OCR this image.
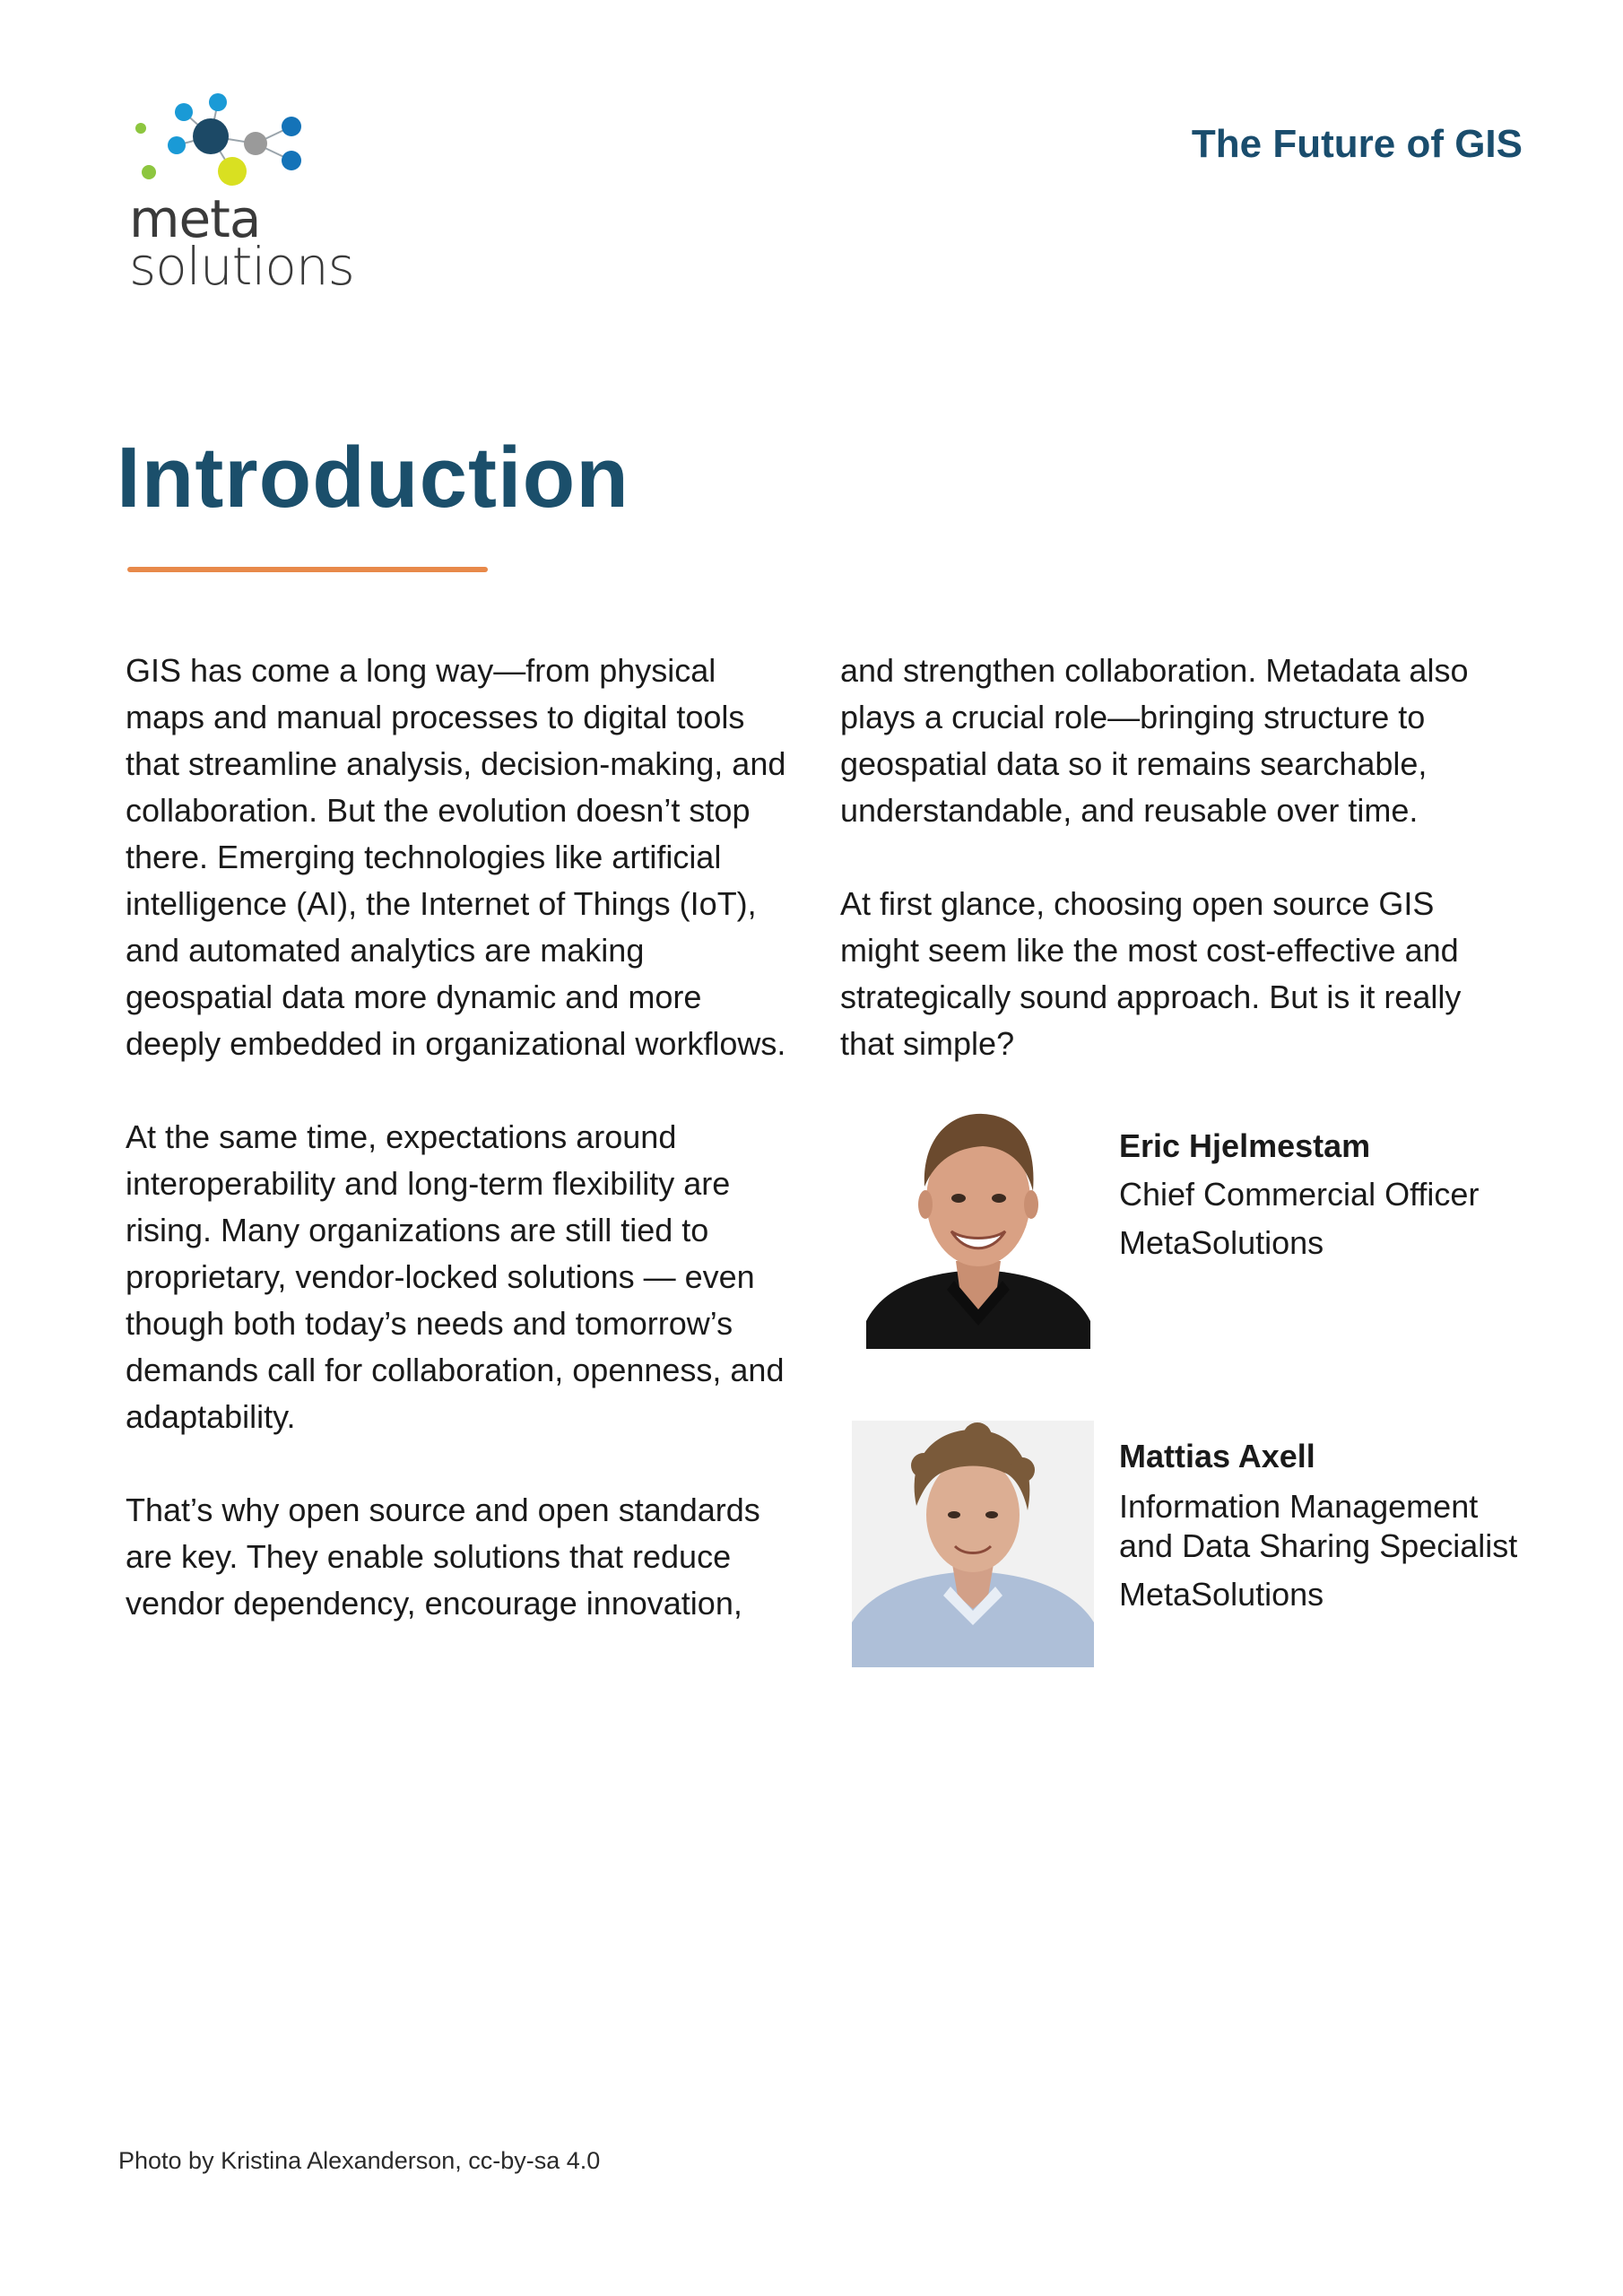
meta
solutions
The Future of GIS
Introduction

GIS has come a long way—from physical maps and manual processes to digital tools that streamline analysis, decision-making, and collaboration. But the evolution doesn’t stop there. Emerging technologies like artificial intelligence (AI), the Internet of Things (IoT), and automated analytics are making geospatial data more dynamic and more deeply embedded in organizational workflows.

At the same time, expectations around interoperability and long-term flexibility are rising. Many organizations are still tied to proprietary, vendor-locked solutions — even though both today’s needs and tomorrow’s demands call for collaboration, openness, and adaptability.

That’s why open source and open standards are key. They enable solutions that reduce vendor dependency, encourage innovation,

and strengthen collaboration. Metadata also plays a crucial role—bringing structure to geospatial data so it remains searchable, understandable, and reusable over time.

At first glance, choosing open source GIS might seem like the most cost-effective and strategically sound approach. But is it really that simple?

Eric Hjelmestam
Chief Commercial Officer
MetaSolutions
Mattias Axell
Information Management
and Data Sharing Specialist
MetaSolutions
Photo by Kristina Alexanderson, cc-by-sa 4.0
